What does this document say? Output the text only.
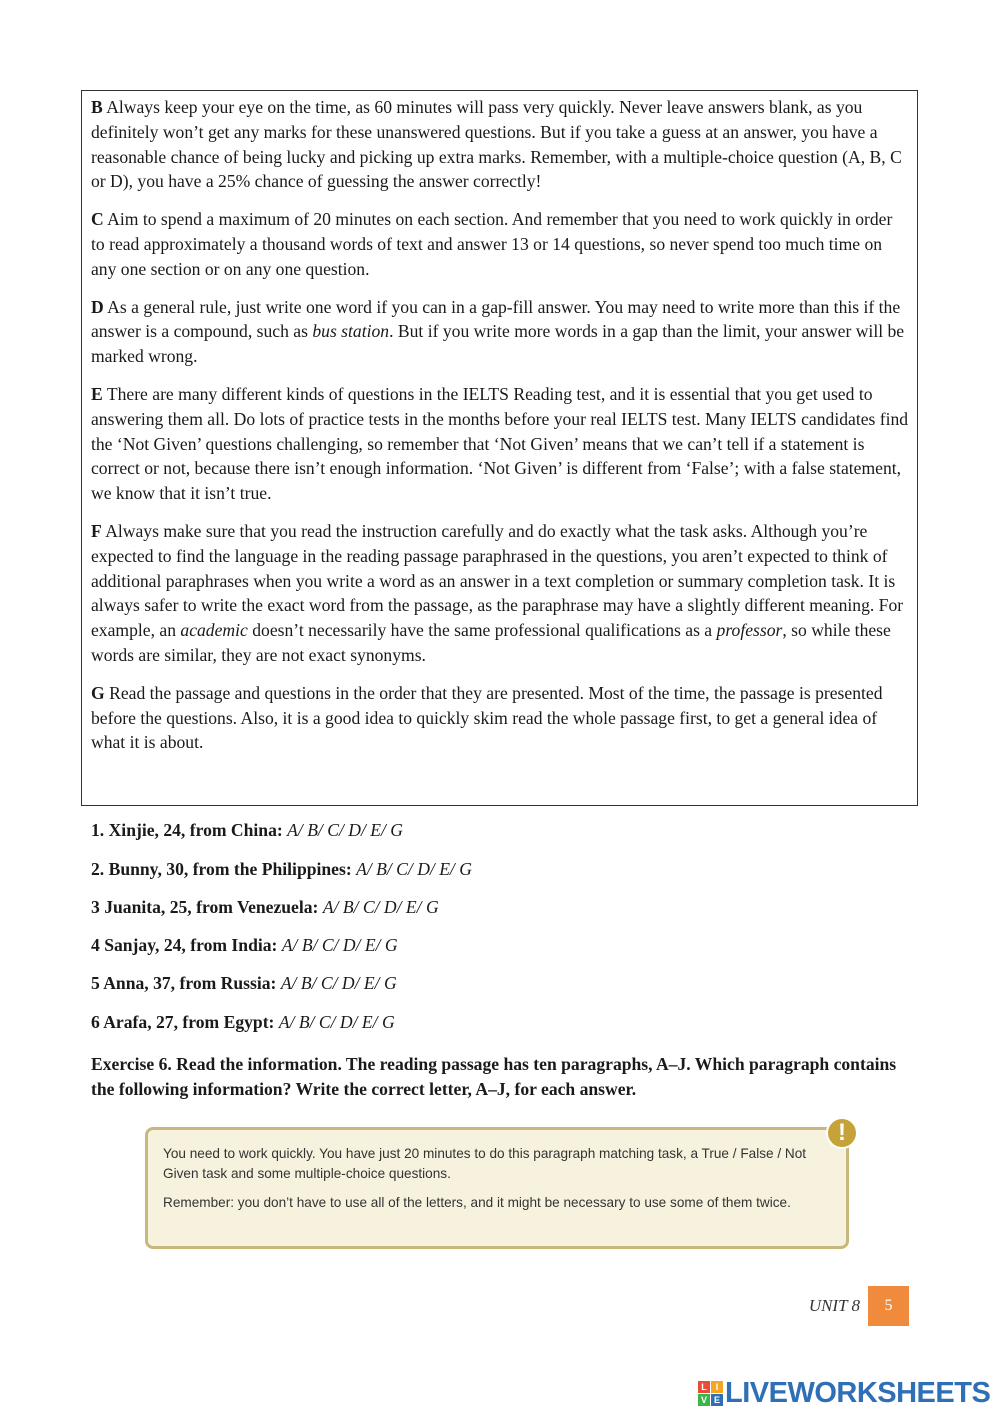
B Always keep your eye on the time, as 60 minutes will pass very quickly. Never leave answers blank, as you definitely won’t get any marks for these unanswered questions. But if you take a guess at an answer, you have a reasonable chance of being lucky and picking up extra marks. Remember, with a multiple-choice question (A, B, C or D), you have a 25% chance of guessing the answer correctly!

C Aim to spend a maximum of 20 minutes on each section. And remember that you need to work quickly in order to read approximately a thousand words of text and answer 13 or 14 questions, so never spend too much time on any one section or on any one question.

D As a general rule, just write one word if you can in a gap-fill answer. You may need to write more than this if the answer is a compound, such as bus station. But if you write more words in a gap than the limit, your answer will be marked wrong.

E There are many different kinds of questions in the IELTS Reading test, and it is essential that you get used to answering them all. Do lots of practice tests in the months before your real IELTS test. Many IELTS candidates find the ‘Not Given’ questions challenging, so remember that ‘Not Given’ means that we can’t tell if a statement is correct or not, because there isn’t enough information. ‘Not Given’ is different from ‘False’; with a false statement, we know that it isn’t true.

F Always make sure that you read the instruction carefully and do exactly what the task asks. Although you’re expected to find the language in the reading passage paraphrased in the questions, you aren’t expected to think of additional paraphrases when you write a word as an answer in a text completion or summary completion task. It is always safer to write the exact word from the passage, as the paraphrase may have a slightly different meaning. For example, an academic doesn’t necessarily have the same professional qualifications as a professor, so while these words are similar, they are not exact synonyms.

G Read the passage and questions in the order that they are presented. Most of the time, the passage is presented before the questions. Also, it is a good idea to quickly skim read the whole passage first, to get a general idea of what it is about.

1. Xinjie, 24, from China: A/ B/ C/ D/ E/ G
2. Bunny, 30, from the Philippines: A/ B/ C/ D/ E/ G
3 Juanita, 25, from Venezuela: A/ B/ C/ D/ E/ G
4 Sanjay, 24, from India: A/ B/ C/ D/ E/ G
5 Anna, 37, from Russia: A/ B/ C/ D/ E/ G
6 Arafa, 27, from Egypt: A/ B/ C/ D/ E/ G
Exercise 6. Read the information. The reading passage has ten paragraphs, A–J. Which paragraph contains the following information? Write the correct letter, A–J, for each answer.

You need to work quickly. You have just 20 minutes to do this paragraph matching task, a True / False / Not Given task and some multiple-choice questions.

Remember: you don’t have to use all of the letters, and it might be necessary to use some of them twice.

!
UNIT 8	5
L I
V E LIVEWORKSHEETS
